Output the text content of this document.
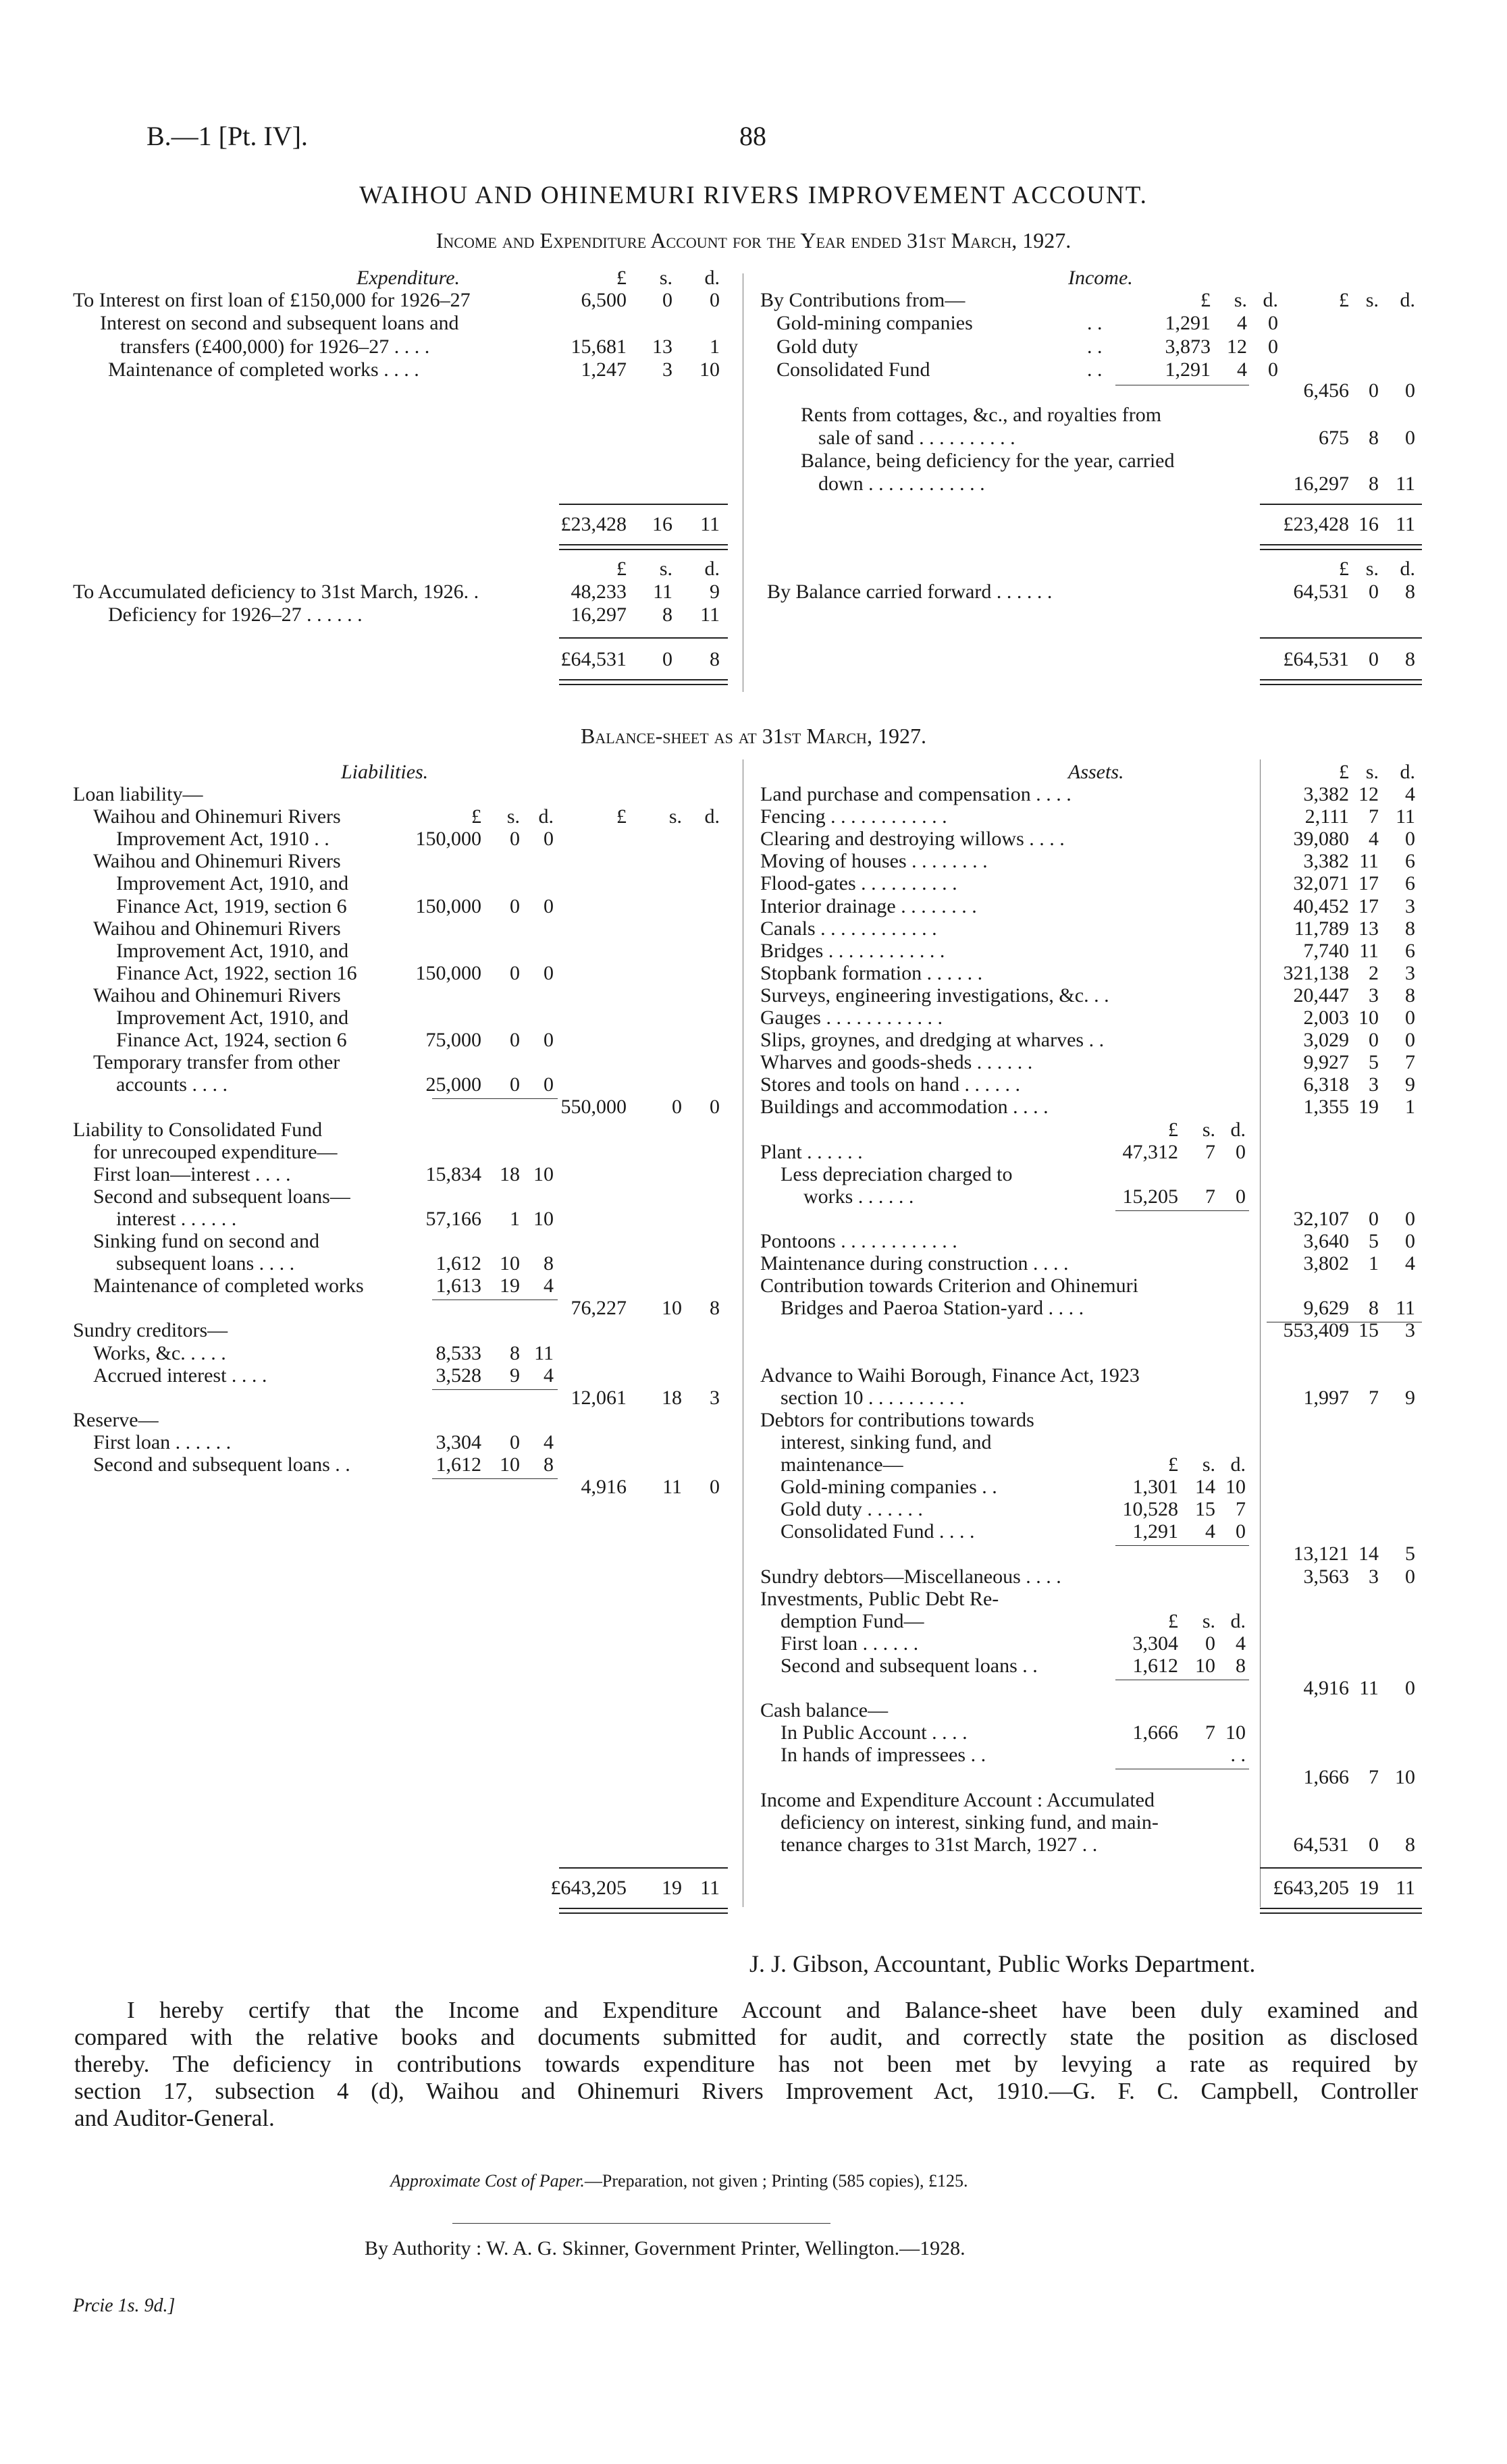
B.—1 [Pt. IV].	88
WAIHOU AND OHINEMURI RIVERS IMPROVEMENT ACCOUNT.
Income and Expenditure Account for the Year ended 31st March, 1927.
Expenditure.	£ s. d.	Income.
£ s. d.	£ s. d.
To Interest on first loan of £150,000 for 1926–27	6,500 0 0
Interest on second and subsequent loans and
transfers (£400,000) for 1926–27 . . . .	15,681 13 1
Maintenance of completed works . . . .	1,247 3 10
By Contributions from—
Gold-mining companies	. .	1,291 4 0
Gold duty	. .	3,873 12 0
Consolidated Fund	. .	1,291 4 0
6,456 0 0
Rents from cottages, &c., and royalties from
sale of sand . . . . . . . . . .	675 8 0
Balance, being deficiency for the year, carried
down . . . . . . . . . . . .	16,297 8 11
£23,428 16 11	£23,428 16 11
£ s. d.	£ s. d.
To Accumulated deficiency to 31st March, 1926. .	48,233 11 9
Deficiency for 1926–27 . . . . . .	16,297 8 11
By Balance carried forward . . . . . .	64,531 0 8
£64,531 0 8	£64,531 0 8
Balance-sheet as at 31st March, 1927.
Liabilities.	Assets.	£ s. d.
Loan liability—
Waihou and Ohinemuri Rivers	£ s. d.	£ s. d.
Improvement Act, 1910 . .	150,000 0 0
Waihou and Ohinemuri Rivers
Improvement Act, 1910, and
Finance Act, 1919, section 6	150,000 0 0
Waihou and Ohinemuri Rivers
Improvement Act, 1910, and
Finance Act, 1922, section 16	150,000 0 0
Waihou and Ohinemuri Rivers
Improvement Act, 1910, and
Finance Act, 1924, section 6	75,000 0 0
Temporary transfer from other
accounts . . . .	25,000 0 0
550,000 0 0
Liability to Consolidated Fund
for unrecouped expenditure—
First loan—interest . . . .	15,834 18 10
Second and subsequent loans—
interest . . . . . .	57,166 1 10
Sinking fund on second and
subsequent loans . . . .	1,612 10 8
Maintenance of completed works	1,613 19 4
76,227 10 8
Sundry creditors—
Works, &c. . . . .	8,533 8 11
Accrued interest . . . .	3,528 9 4
12,061 18 3
Reserve—
First loan . . . . . .	3,304 0 4
Second and subsequent loans . .	1,612 10 8
4,916 11 0
Land purchase and compensation . . . .	3,382 12 4
Fencing . . . . . . . . . . . .	2,111 7 11
Clearing and destroying willows . . . .	39,080 4 0
Moving of houses . . . . . . . .	3,382 11 6
Flood-gates . . . . . . . . . .	32,071 17 6
Interior drainage . . . . . . . .	40,452 17 3
Canals . . . . . . . . . . . .	11,789 13 8
Bridges . . . . . . . . . . . .	7,740 11 6
Stopbank formation . . . . . .	321,138 2 3
Surveys, engineering investigations, &c. . .	20,447 3 8
Gauges . . . . . . . . . . . .	2,003 10 0
Slips, groynes, and dredging at wharves . .	3,029 0 0
Wharves and goods-sheds . . . . . .	9,927 5 7
Stores and tools on hand . . . . . .	6,318 3 9
Buildings and accommodation . . . .	1,355 19 1
£ s. d.
Plant . . . . . .	47,312 7 0
Less depreciation charged to
works . . . . . .	15,205 7 0
32,107 0 0
Pontoons . . . . . . . . . . . .	3,640 5 0
Maintenance during construction . . . .	3,802 1 4
Contribution towards Criterion and Ohinemuri
Bridges and Paeroa Station-yard . . . .	9,629 8 11
553,409 15 3
Advance to Waihi Borough, Finance Act, 1923
section 10 . . . . . . . . . .	1,997 7 9
Debtors for contributions towards
interest, sinking fund, and
maintenance—	£ s. d.
Gold-mining companies . .	1,301 14 10
Gold duty . . . . . .	10,528 15 7
Consolidated Fund . . . .	1,291 4 0
13,121 14 5
Sundry debtors—Miscellaneous . . . .	3,563 3 0
Investments, Public Debt Re-
demption Fund—	£ s. d.
First loan . . . . . .	3,304 0 4
Second and subsequent loans . .	1,612 10 8
4,916 11 0
Cash balance—
In Public Account . . . .	1,666 7 10
In hands of impressees . .	. .
1,666 7 10
Income and Expenditure Account : Accumulated
deficiency on interest, sinking fund, and main-
tenance charges to 31st March, 1927 . .	64,531 0 8
£643,205 19 11	£643,205 19 11
J. J. Gibson, Accountant, Public Works Department.
I hereby certify that the Income and Expenditure Account and Balance-sheet have been duly examined and
compared with the relative books and documents submitted for audit, and correctly state the position as disclosed
thereby. The deficiency in contributions towards expenditure has not been met by levying a rate as required by
section 17, subsection 4 (d), Waihou and Ohinemuri Rivers Improvement Act, 1910.—G. F. C. Campbell, Controller
and Auditor-General.
Approximate Cost of Paper.—Preparation, not given ; Printing (585 copies), £125.
By Authority : W. A. G. Skinner, Government Printer, Wellington.—1928.
Prcie 1s. 9d.]
